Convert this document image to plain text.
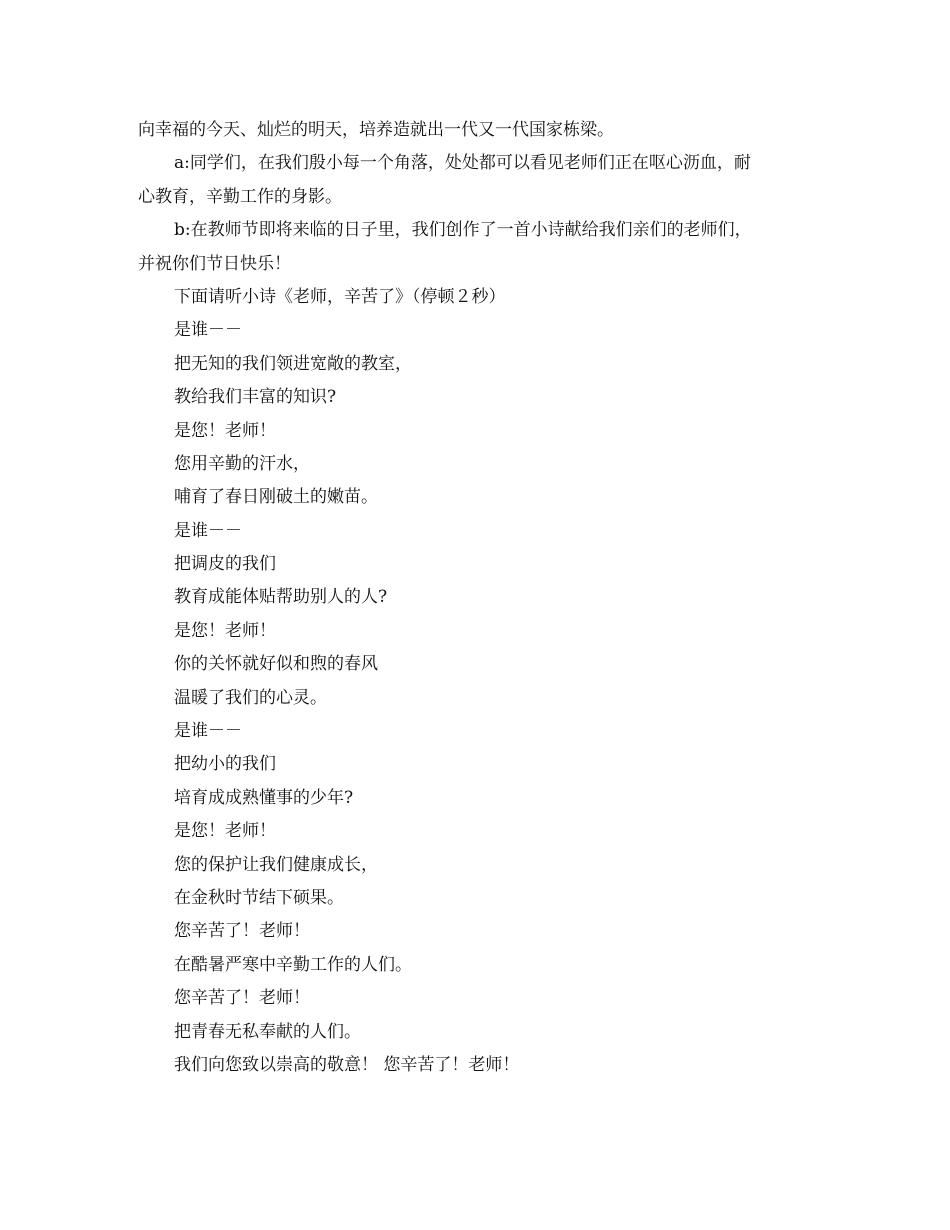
向幸福的今天、灿烂的明天，培养造就出一代又一代国家栋梁。
a:同学们，在我们殷小每一个角落，处处都可以看见老师们正在呕心沥血，耐
心教育，辛勤工作的身影。
b:在教师节即将来临的日子里，我们创作了一首小诗献给我们亲们的老师们，
并祝你们节日快乐！
下面请听小诗《老师，辛苦了》（停顿２秒）
是谁－－
把无知的我们领进宽敞的教室，
教给我们丰富的知识?
是您！老师！
您用辛勤的汗水，
哺育了春日刚破土的嫩苗。
是谁－－
把调皮的我们
教育成能体贴帮助别人的人?
是您！老师！
你的关怀就好似和煦的春风
温暖了我们的心灵。
是谁－－
把幼小的我们
培育成成熟懂事的少年?
是您！老师！
您的保护让我们健康成长，
在金秋时节结下硕果。
您辛苦了！老师！
在酷暑严寒中辛勤工作的人们。
您辛苦了！老师！
把青春无私奉献的人们。
我们向您致以崇高的敬意！ 您辛苦了！老师！
